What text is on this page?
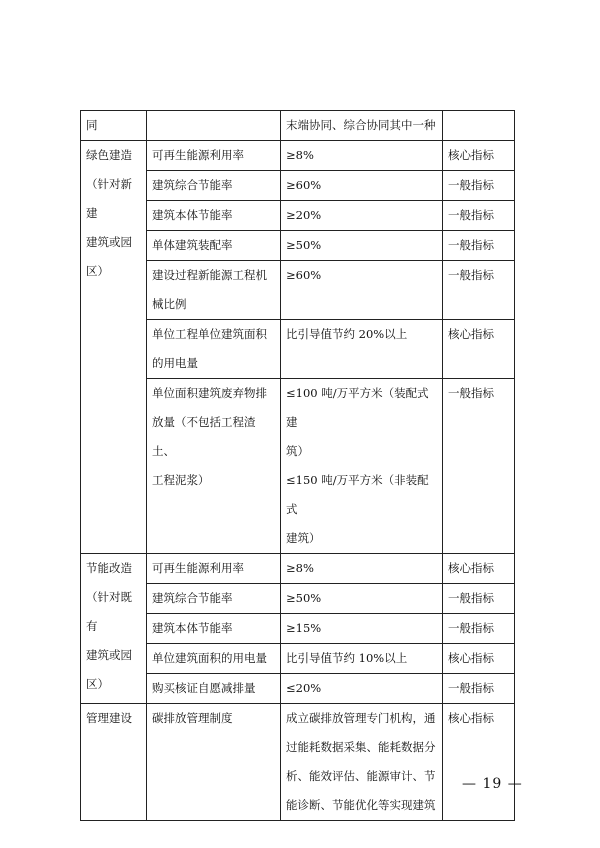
同		末端协同、综合协同其中一种	

绿色建造
（针对新建
建筑或园
区）	可再生能源利用率	≥8%	核心指标

	建筑综合节能率	≥60%	一般指标

	建筑本体节能率	≥20%	一般指标

	单体建筑装配率	≥50%	一般指标

	建设过程新能源工程机
械比例	≥60%	一般指标

	单位工程单位建筑面积
的用电量	比引导值节约 20%以上	核心指标

	单位面积建筑废弃物排
放量（不包括工程渣土、
工程泥浆）	≤100 吨/万平方米（装配式建
筑）
≤150 吨/万平方米（非装配式
建筑）	一般指标

节能改造
（针对既有
建筑或园
区）	可再生能源利用率	≥8%	核心指标

	建筑综合节能率	≥50%	一般指标

	建筑本体节能率	≥15%	一般指标

	单位建筑面积的用电量	比引导值节约 10%以上	核心指标

	购买核证自愿减排量	≤20%	一般指标

管理建设	碳排放管理制度	成立碳排放管理专门机构，通
过能耗数据采集、能耗数据分
析、能效评估、能源审计、节
能诊断、节能优化等实现建筑	核心指标
— 19 —
